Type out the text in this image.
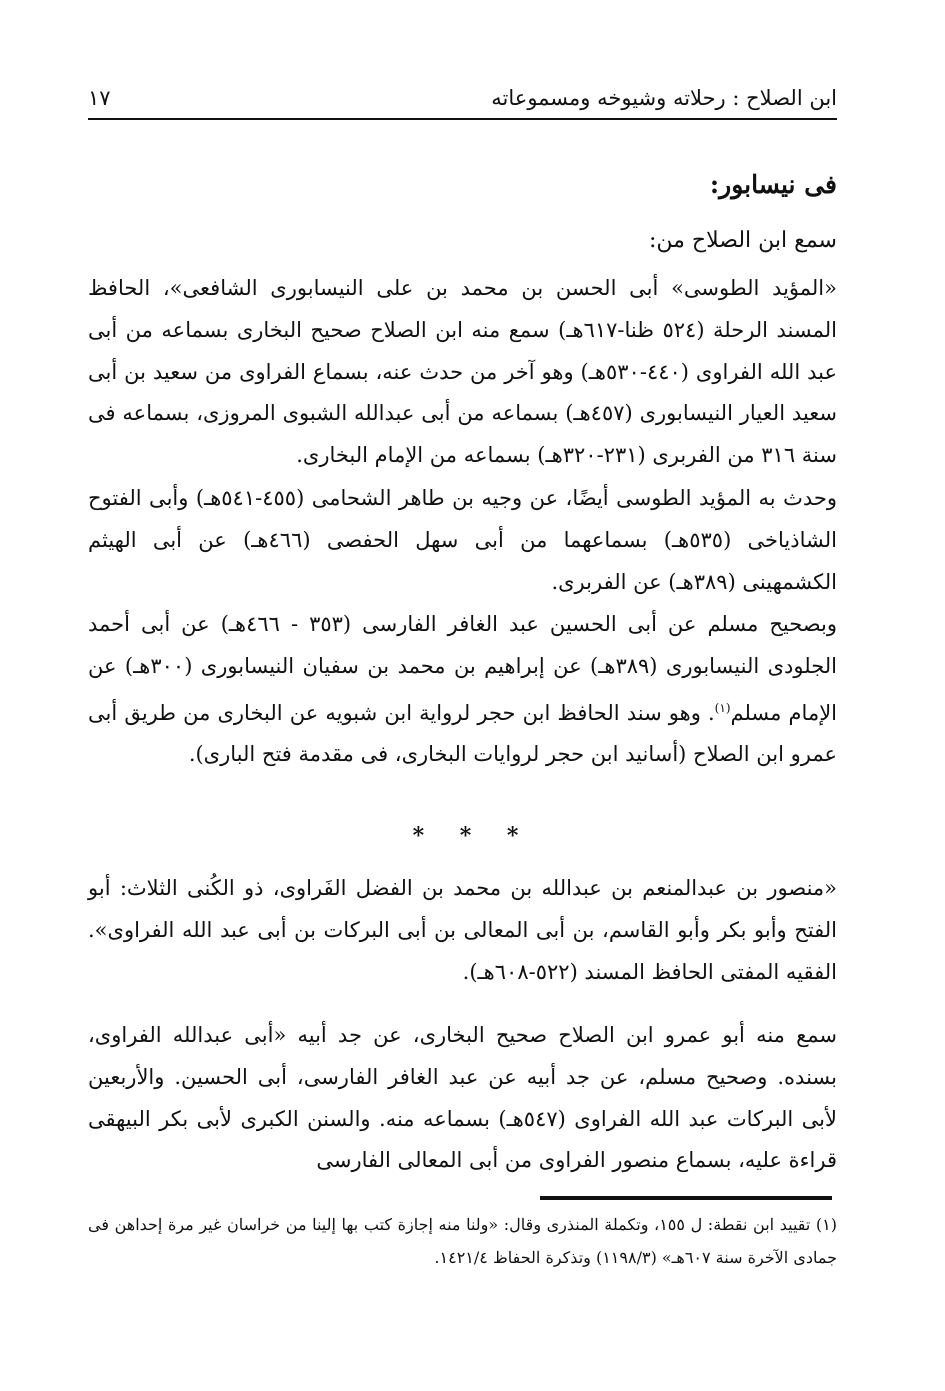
١٧	ابن الصلاح : رحلاته وشيوخه ومسموعاته
فى نيسابور:
سمع ابن الصلاح من:

«المؤيد الطوسى» أبى الحسن بن محمد بن على النيسابورى الشافعى»، الحافظ المسند الرحلة (٥٢٤ ظنا-٦١٧هـ) سمع منه ابن الصلاح صحيح البخارى بسماعه من أبى عبد الله الفراوى (٤٤٠-٥٣٠هـ) وهو آخر من حدث عنه، بسماع الفراوى من سعيد بن أبى سعيد العيار النيسابورى (٤٥٧هـ) بسماعه من أبى عبدالله الشبوى المروزى، بسماعه فى سنة ٣١٦ من الفربرى (٢٣١-٣٢٠هـ) بسماعه من الإمام البخارى.

وحدث به المؤيد الطوسى أيضًا، عن وجيه بن طاهر الشحامى (٤٥٥-٥٤١هـ) وأبى الفتوح الشاذياخى (٥٣٥هـ) بسماعهما من أبى سهل الحفصى (٤٦٦هـ) عن أبى الهيثم الكشمهينى (٣٨٩هـ) عن الفربرى.

وبصحيح مسلم عن أبى الحسين عبد الغافر الفارسى (٣٥٣ - ٤٦٦هـ) عن أبى أحمد الجلودى النيسابورى (٣٨٩هـ) عن إبراهيم بن محمد بن سفيان النيسابورى (٣٠٠هـ) عن الإمام مسلم$^{(١)}$. وهو سند الحافظ ابن حجر لرواية ابن شبويه عن البخارى من طريق أبى عمرو ابن الصلاح (أسانيد ابن حجر لروايات البخارى، فى مقدمة فتح البارى).

* * *

«منصور بن عبدالمنعم بن عبدالله بن محمد بن الفضل الفَراوى، ذو الكُنى الثلاث: أبو الفتح وأبو بكر وأبو القاسم، بن أبى المعالى بن أبى البركات بن أبى عبد الله الفراوى». الفقيه المفتى الحافظ المسند (٥٢٢-٦٠٨هـ).

سمع منه أبو عمرو ابن الصلاح صحيح البخارى، عن جد أبيه «أبى عبدالله الفراوى، بسنده. وصحيح مسلم، عن جد أبيه عن عبد الغافر الفارسى، أبى الحسين. والأربعين لأبى البركات عبد الله الفراوى (٥٤٧هـ) بسماعه منه. والسنن الكبرى لأبى بكر البيهقى قراءة عليه، بسماع منصور الفراوى من أبى المعالى الفارسى

(١) تقييد ابن نقطة: ل ١٥٥، وتكملة المنذرى وقال: «ولنا منه إجازة كتب بها إلينا من خراسان غير مرة إحداهن فى جمادى الآخرة سنة ٦٠٧هـ» (١١٩٨/٣) وتذكرة الحفاظ ١٤٢١/٤.
